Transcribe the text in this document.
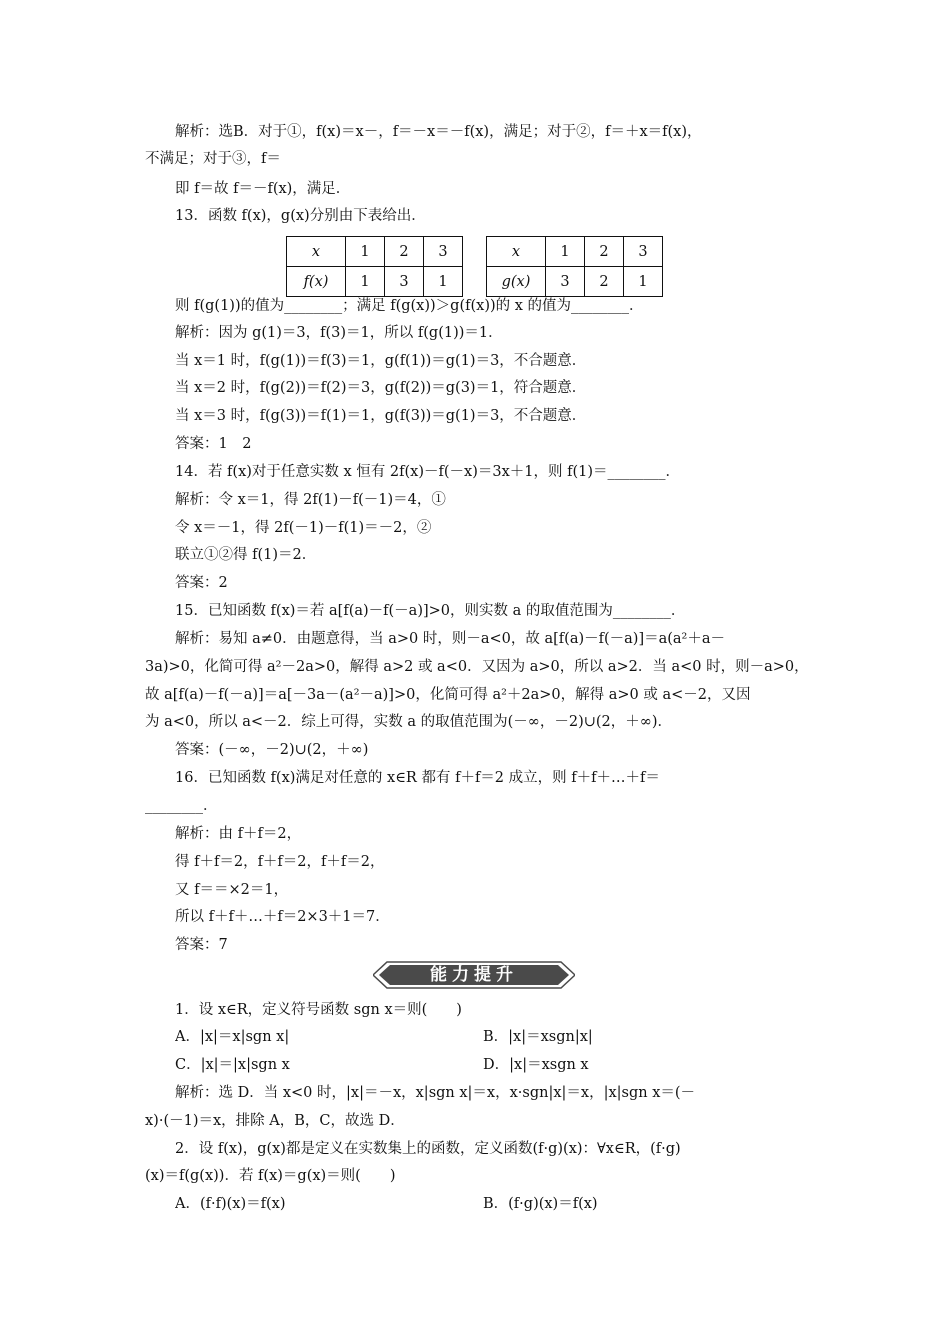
解析：选B．对于①，f(x)＝x－，f＝－x＝－f(x)，满足；对于②，f＝＋x＝f(x)，
不满足；对于③，f＝
即 f＝故 f＝－f(x)，满足．
13．函数 f(x)，g(x)分别由下表给出．
x	1	2	3
f(x)	1	3	1
x	1	2	3
g(x)	3	2	1
则 f(g(1))的值为________；满足 f(g(x))＞g(f(x))的 x 的值为________．
解析：因为 g(1)＝3，f(3)＝1，所以 f(g(1))＝1．
当 x＝1 时，f(g(1))＝f(3)＝1，g(f(1))＝g(1)＝3，不合题意．
当 x＝2 时，f(g(2))＝f(2)＝3，g(f(2))＝g(3)＝1，符合题意．
当 x＝3 时，f(g(3))＝f(1)＝1，g(f(3))＝g(1)＝3，不合题意．
答案：1　2
14．若 f(x)对于任意实数 x 恒有 2f(x)－f(－x)＝3x＋1，则 f(1)＝________．
解析：令 x＝1，得 2f(1)－f(－1)＝4，①
令 x＝－1，得 2f(－1)－f(1)＝－2，②
联立①②得 f(1)＝2．
答案：2
15．已知函数 f(x)＝若 a[f(a)－f(－a)]>0，则实数 a 的取值范围为________．
解析：易知 a≠0．由题意得，当 a>0 时，则－a<0，故 a[f(a)－f(－a)]＝a(a²＋a－
3a)>0，化简可得 a²－2a>0，解得 a>2 或 a<0．又因为 a>0，所以 a>2．当 a<0 时，则－a>0，
故 a[f(a)－f(－a)]＝a[－3a－(a²－a)]>0，化简可得 a²＋2a>0，解得 a>0 或 a<－2，又因
为 a<0，所以 a<－2．综上可得，实数 a 的取值范围为(－∞，－2)∪(2，＋∞)．
答案：(－∞，－2)∪(2，＋∞)
16．已知函数 f(x)满足对任意的 x∈R 都有 f＋f＝2 成立，则 f＋f＋…＋f＝
________．
解析：由 f＋f＝2，
得 f＋f＝2，f＋f＝2，f＋f＝2，
又 f＝＝×2＝1，
所以 f＋f＋…＋f＝2×3＋1＝7．
答案：7
能力提升
1．设 x∈R，定义符号函数 sgn x＝则(　　)
A．|x|＝x|sgn x|	B．|x|＝xsgn|x|
C．|x|＝|x|sgn x	D．|x|＝xsgn x
解析：选 D．当 x<0 时，|x|＝－x，x|sgn x|＝x，x·sgn|x|＝x，|x|sgn x＝(－
x)·(－1)＝x，排除 A，B，C，故选 D．
2．设 f(x)，g(x)都是定义在实数集上的函数，定义函数(f·g)(x)：∀x∈R，(f·g)
(x)＝f(g(x))．若 f(x)＝g(x)＝则(　　)
A．(f·f)(x)＝f(x)	B．(f·g)(x)＝f(x)
